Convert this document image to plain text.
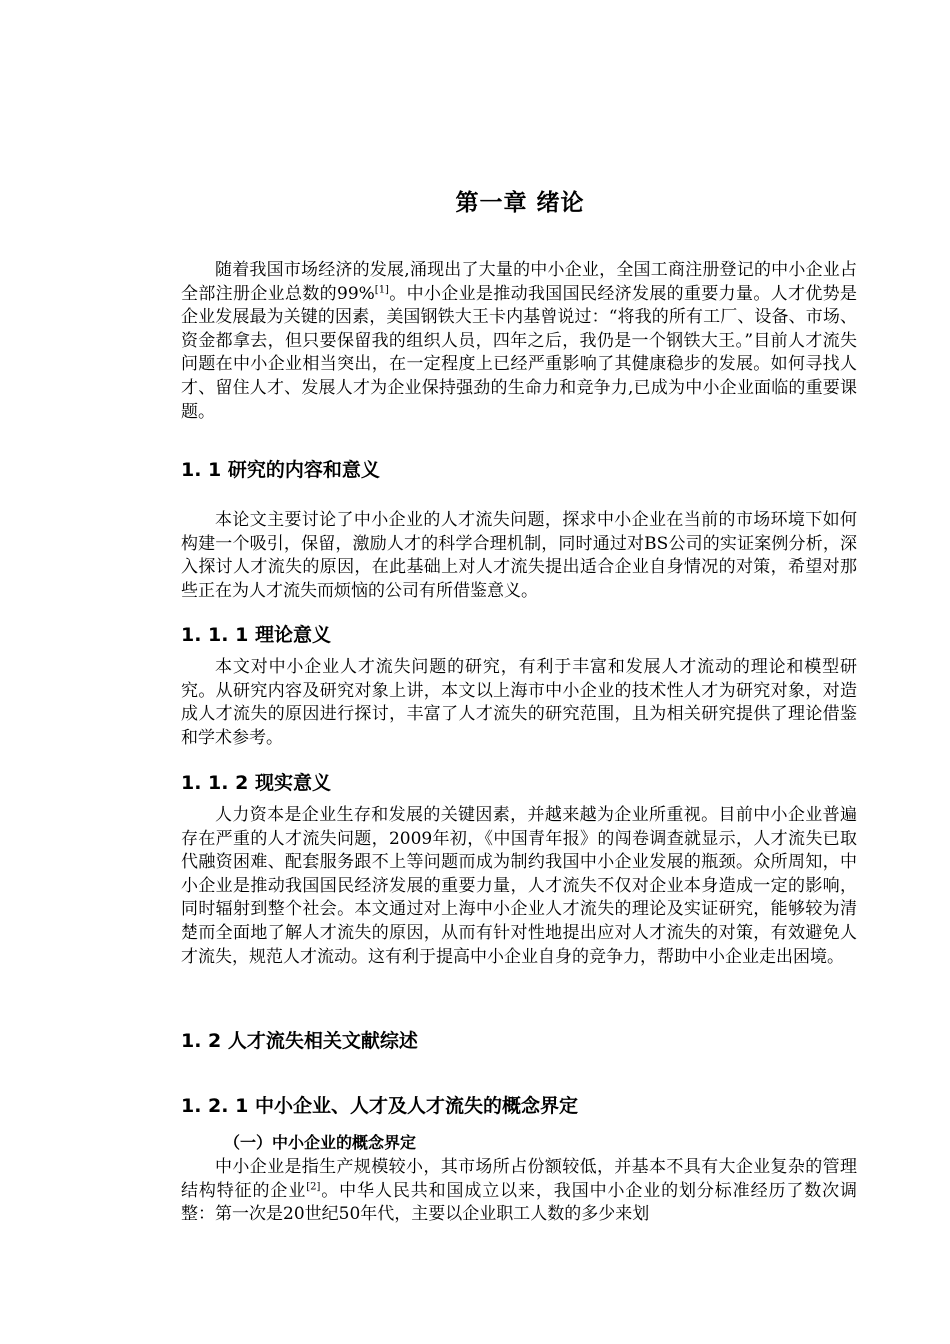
第一章 绪论

随着我国市场经济的发展,涌现出了大量的中小企业，全国工商注册登记的中小企业占全部注册企业总数的99%[1]。中小企业是推动我国国民经济发展的重要力量。人才优势是企业发展最为关键的因素，美国钢铁大王卡内基曾说过：“将我的所有工厂、设备、市场、资金都拿去，但只要保留我的组织人员，四年之后，我仍是一个钢铁大王。”目前人才流失问题在中小企业相当突出，在一定程度上已经严重影响了其健康稳步的发展。如何寻找人才、留住人才、发展人才为企业保持强劲的生命力和竞争力,已成为中小企业面临的重要课题。

1. 1 研究的内容和意义

本论文主要讨论了中小企业的人才流失问题，探求中小企业在当前的市场环境下如何构建一个吸引，保留，激励人才的科学合理机制，同时通过对BS公司的实证案例分析，深入探讨人才流失的原因，在此基础上对人才流失提出适合企业自身情况的对策，希望对那些正在为人才流失而烦恼的公司有所借鉴意义。

1. 1. 1 理论意义

本文对中小企业人才流失问题的研究，有利于丰富和发展人才流动的理论和模型研究。从研究内容及研究对象上讲，本文以上海市中小企业的技术性人才为研究对象，对造成人才流失的原因进行探讨，丰富了人才流失的研究范围，且为相关研究提供了理论借鉴和学术参考。

1. 1. 2 现实意义

人力资本是企业生存和发展的关键因素，并越来越为企业所重视。目前中小企业普遍存在严重的人才流失问题，2009年初，《中国青年报》的闯卷调查就显示，人才流失已取代融资困难、配套服务跟不上等问题而成为制约我国中小企业发展的瓶颈。众所周知，中小企业是推动我国国民经济发展的重要力量，人才流失不仅对企业本身造成一定的影响，同时辐射到整个社会。本文通过对上海中小企业人才流失的理论及实证研究，能够较为清楚而全面地了解人才流失的原因，从而有针对性地提出应对人才流失的对策，有效避免人才流失，规范人才流动。这有利于提高中小企业自身的竞争力，帮助中小企业走出困境。

1. 2 人才流失相关文献综述
1. 2. 1 中小企业、人才及人才流失的概念界定
（一）中小企业的概念界定

中小企业是指生产规模较小，其市场所占份额较低，并基本不具有大企业复杂的管理结构特征的企业[2]。中华人民共和国成立以来，我国中小企业的划分标准经历了数次调整：第一次是20世纪50年代，主要以企业职工人数的多少来划
